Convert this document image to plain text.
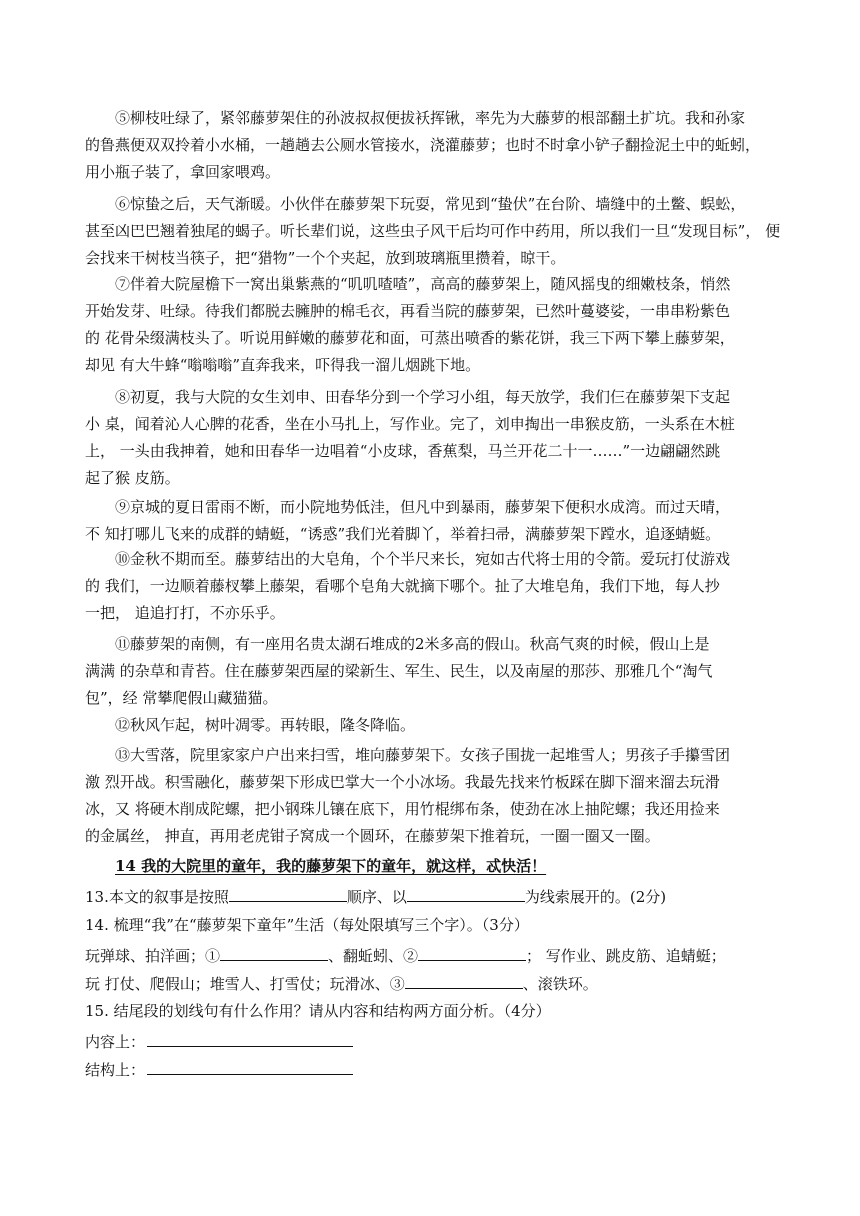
⑤柳枝吐绿了，紧邻藤萝架住的孙波叔叔便拔袄挥锹，率先为大藤萝的根部翻土扩坑。我和孙家
的鲁燕便双双拎着小水桶，一趟趟去公厕水管接水，浇灌藤萝；也时不时拿小铲子翻捡泥土中的蚯蚓，
用小瓶子装了，拿回家喂鸡。
⑥惊蛰之后，天气渐暖。小伙伴在藤萝架下玩耍，常见到“蛰伏”在台阶、墙缝中的土鳖、蜈蚣，
甚至凶巴巴翘着独尾的蝎子。听长辈们说，这些虫子风干后均可作中药用，所以我们一旦“发现目标”， 便
会找来干树枝当筷子，把“猎物”一个个夹起，放到玻璃瓶里攒着，晾干。
⑦伴着大院屋檐下一窝出巢紫燕的“叽叽喳喳”，高高的藤萝架上，随风摇曳的细嫩枝条，悄然
开始发芽、吐绿。待我们都脱去臃肿的棉毛衣，再看当院的藤萝架，已然叶蔓婆娑，一串串粉紫色
的 花骨朵缀满枝头了。听说用鲜嫩的藤萝花和面，可蒸出喷香的紫花饼，我三下两下攀上藤萝架，
却见 有大牛蜂“嗡嗡嗡”直奔我来，吓得我一溜儿烟跳下地。
⑧初夏，我与大院的女生刘申、田春华分到一个学习小组，每天放学，我们仨在藤萝架下支起
小 桌，闻着沁人心脾的花香，坐在小马扎上，写作业。完了，刘申掏出一串猴皮筋，一头系在木桩
上， 一头由我抻着，她和田春华一边唱着“小皮球，香蕉梨，马兰开花二十一……”一边翩翩然跳
起了猴 皮筋。
⑨京城的夏日雷雨不断，而小院地势低洼，但凡中到暴雨，藤萝架下便积水成湾。而过天晴，
不 知打哪儿飞来的成群的蜻蜓，“诱惑”我们光着脚丫，举着扫帚，满藤萝架下蹚水，追逐蜻蜓。
⑩金秋不期而至。藤萝结出的大皂角，个个半尺来长，宛如古代将士用的令箭。爱玩打仗游戏
的 我们，一边顺着藤杈攀上藤架，看哪个皂角大就摘下哪个。扯了大堆皂角，我们下地，每人抄
一把， 追追打打，不亦乐乎。
⑪藤萝架的南侧，有一座用名贵太湖石堆成的2米多高的假山。秋高气爽的时候，假山上是
满满 的杂草和青苔。住在藤萝架西屋的梁新生、军生、民生，以及南屋的那莎、那雅几个“淘气
包”，经 常攀爬假山藏猫猫。
⑫秋风乍起，树叶凋零。再转眼，隆冬降临。
⑬大雪落，院里家家户户出来扫雪，堆向藤萝架下。女孩子围拢一起堆雪人；男孩子手攥雪团
激 烈开战。积雪融化，藤萝架下形成巴掌大一个小冰场。我最先找来竹板踩在脚下溜来溜去玩滑
冰，又 将硬木削成陀螺，把小钢珠儿镶在底下，用竹棍绑布条，使劲在冰上抽陀螺；我还用捡来
的金属丝， 抻直，再用老虎钳子窝成一个圆环，在藤萝架下推着玩，一圈一圈又一圈。
14 我的大院里的童年，我的藤萝架下的童年，就这样，忒快活！
13.本文的叙事是按照	顺序、以	为线索展开的。(2分)
14. 梳理“我”在“藤萝架下童年”生活（每处限填写三个字）。（3分）
玩弹球、拍洋画；①	、翻蚯蚓、②	； 写作业、跳皮筋、追蜻蜓；
玩 打仗、爬假山；堆雪人、打雪仗；玩滑冰、③	、滚铁环。
15. 结尾段的划线句有什么作用？请从内容和结构两方面分析。（4分）
内容上：
结构上：
